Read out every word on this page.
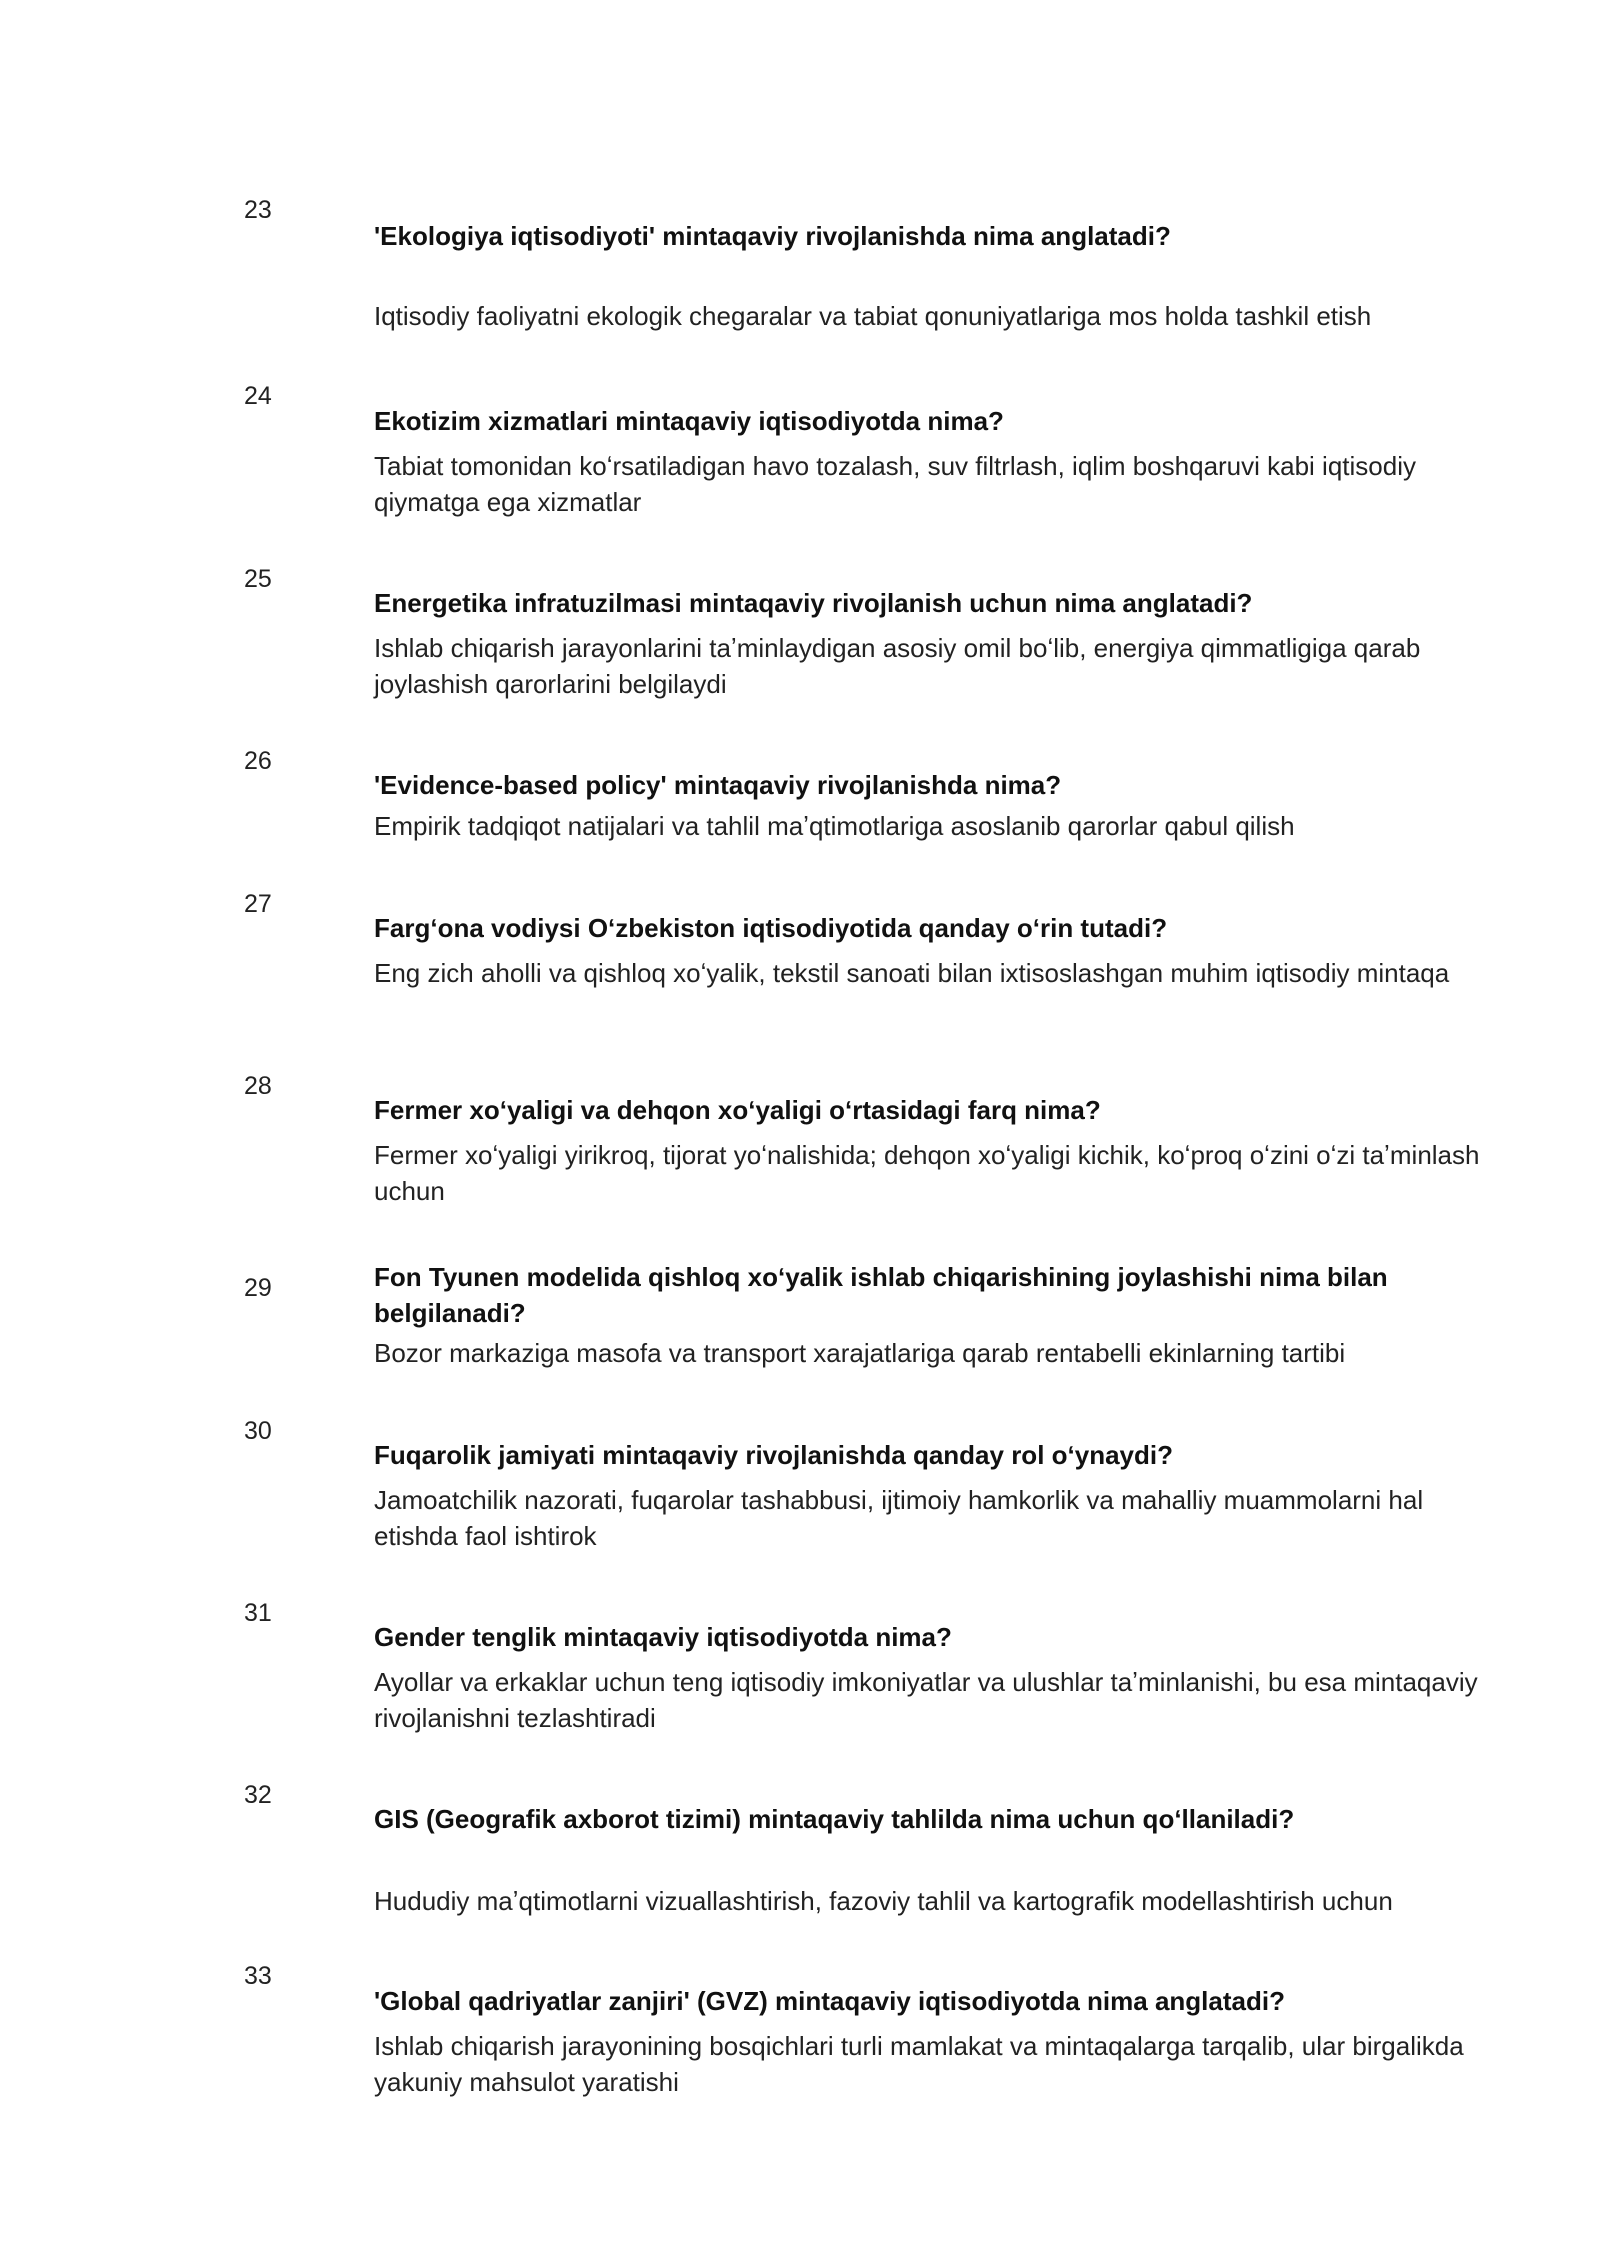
23
'Ekologiya iqtisodiyoti' mintaqaviy rivojlanishda nima anglatadi?
Iqtisodiy faoliyatni ekologik chegaralar va tabiat qonuniyatlariga mos holda tashkil etish
24
Ekotizim xizmatlari mintaqaviy iqtisodiyotda nima?
Tabiat tomonidan koʻrsatiladigan havo tozalash, suv filtrlash, iqlim boshqaruvi kabi iqtisodiy qiymatga ega xizmatlar
25
Energetika infratuzilmasi mintaqaviy rivojlanish uchun nima anglatadi?
Ishlab chiqarish jarayonlarini taʼminlaydigan asosiy omil boʻlib, energiya qimmatligiga qarab joylashish qarorlarini belgilaydi
26
'Evidence-based policy' mintaqaviy rivojlanishda nima?
Empirik tadqiqot natijalari va tahlil maʼqtimotlariga asoslanib qarorlar qabul qilish
27
Fargʻona vodiysi Oʻzbekiston iqtisodiyotida qanday oʻrin tutadi?
Eng zich aholli va qishloq xoʻyalik, tekstil sanoati bilan ixtisoslashgan muhim iqtisodiy mintaqa
28
Fermer xoʻyaligi va dehqon xoʻyaligi oʻrtasidagi farq nima?
Fermer xoʻyaligi yirikroq, tijorat yoʻnalishida; dehqon xoʻyaligi kichik, koʻproq oʻzini oʻzi taʼminlash uchun
29	Fon Tyunen modelida qishloq xoʻyalik ishlab chiqarishining joylashishi nima bilan belgilanadi?
Bozor markaziga masofa va transport xarajatlariga qarab rentabelli ekinlarning tartibi
30
Fuqarolik jamiyati mintaqaviy rivojlanishda qanday rol oʻynaydi?
Jamoatchilik nazorati, fuqarolar tashabbusi, ijtimoiy hamkorlik va mahalliy muammolarni hal etishda faol ishtirok
31
Gender tenglik mintaqaviy iqtisodiyotda nima?
Ayollar va erkaklar uchun teng iqtisodiy imkoniyatlar va ulushlar taʼminlanishi, bu esa mintaqaviy rivojlanishni tezlashtiradi
32
GIS (Geografik axborot tizimi) mintaqaviy tahlilda nima uchun qoʻllaniladi?
Hududiy maʼqtimotlarni vizuallashtirish, fazoviy tahlil va kartografik modellashtirish uchun
33
'Global qadriyatlar zanjiri' (GVZ) mintaqaviy iqtisodiyotda nima anglatadi?
Ishlab chiqarish jarayonining bosqichlari turli mamlakat va mintaqalarga tarqalib, ular birgalikda yakuniy mahsulot yaratishi
